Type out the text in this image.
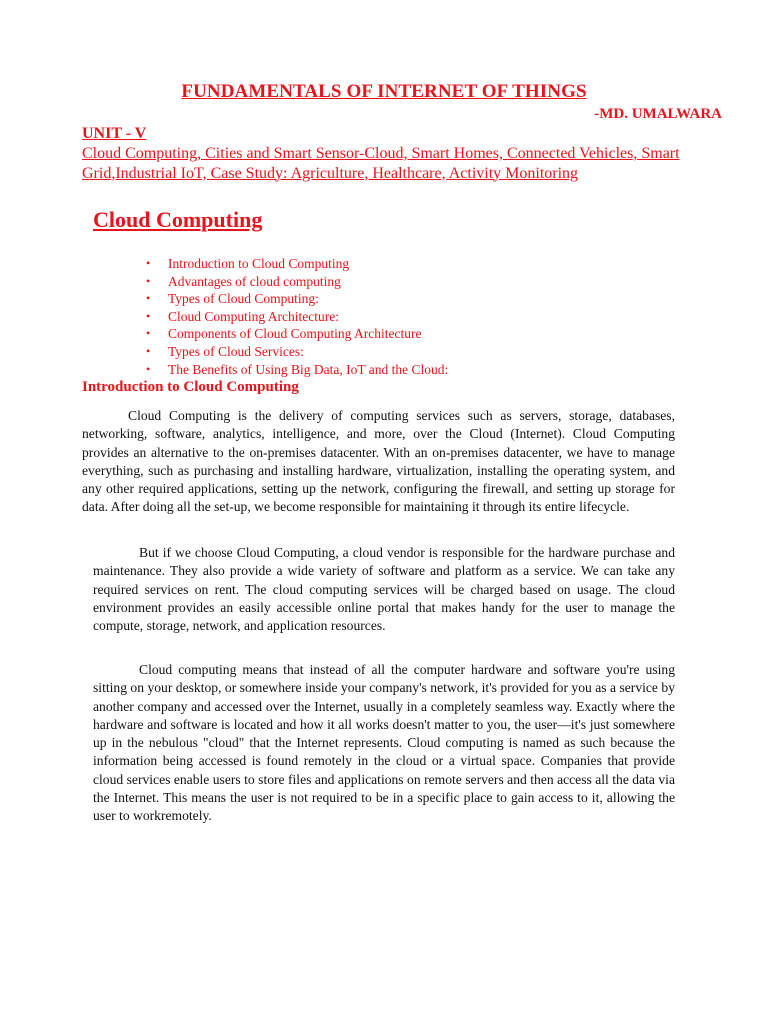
FUNDAMENTALS OF INTERNET OF THINGS

-MD. UMALWARA

UNIT - V

Cloud Computing, Cities and Smart Sensor-Cloud, Smart Homes, Connected Vehicles, Smart Grid,Industrial IoT, Case Study: Agriculture, Healthcare, Activity Monitoring

Cloud Computing
• Introduction to Cloud Computing
• Advantages of cloud computing
• Types of Cloud Computing:
• Cloud Computing Architecture:
• Components of Cloud Computing Architecture
• Types of Cloud Services:
• The Benefits of Using Big Data, IoT and the Cloud:
Introduction to Cloud Computing

Cloud Computing is the delivery of computing services such as servers, storage, databases, networking, software, analytics, intelligence, and more, over the Cloud (Internet). Cloud Computing provides an alternative to the on-premises datacenter. With an on-premises datacenter, we have to manage everything, such as purchasing and installing hardware, virtualization, installing the operating system, and any other required applications, setting up the network, configuring the firewall, and setting up storage for data. After doing all the set-up, we become responsible for maintaining it through its entire lifecycle.

But if we choose Cloud Computing, a cloud vendor is responsible for the hardware purchase and maintenance. They also provide a wide variety of software and platform as a service. We can take any required services on rent. The cloud computing services will be charged based on usage. The cloud environment provides an easily accessible online portal that makes handy for the user to manage the compute, storage, network, and application resources.

Cloud computing means that instead of all the computer hardware and software you're using sitting on your desktop, or somewhere inside your company's network, it's provided for you as a service by another company and accessed over the Internet, usually in a completely seamless way. Exactly where the hardware and software is located and how it all works doesn't matter to you, the user—it's just somewhere up in the nebulous "cloud" that the Internet represents. Cloud computing is named as such because the information being accessed is found remotely in the cloud or a virtual space. Companies that provide cloud services enable users to store files and applications on remote servers and then access all the data via the Internet. This means the user is not required to be in a specific place to gain access to it, allowing the user to workremotely.
